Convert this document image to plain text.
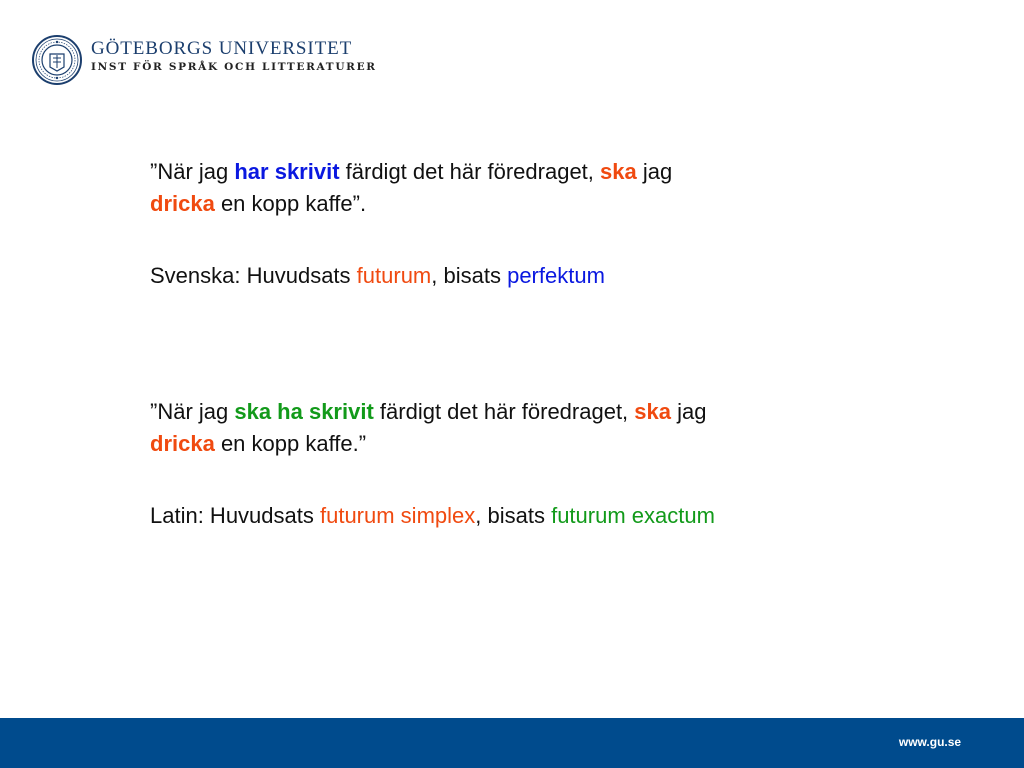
GÖTEBORGS UNIVERSITET
INST FÖR SPRÅK OCH LITTERATURER
”När jag har skrivit färdigt det här föredraget, ska jag
dricka en kopp kaffe”.
Svenska: Huvudsats futurum, bisats perfektum
”När jag ska ha skrivit färdigt det här föredraget, ska jag
dricka en kopp kaffe.”
Latin: Huvudsats futurum simplex, bisats futurum exactum
www.gu.se
